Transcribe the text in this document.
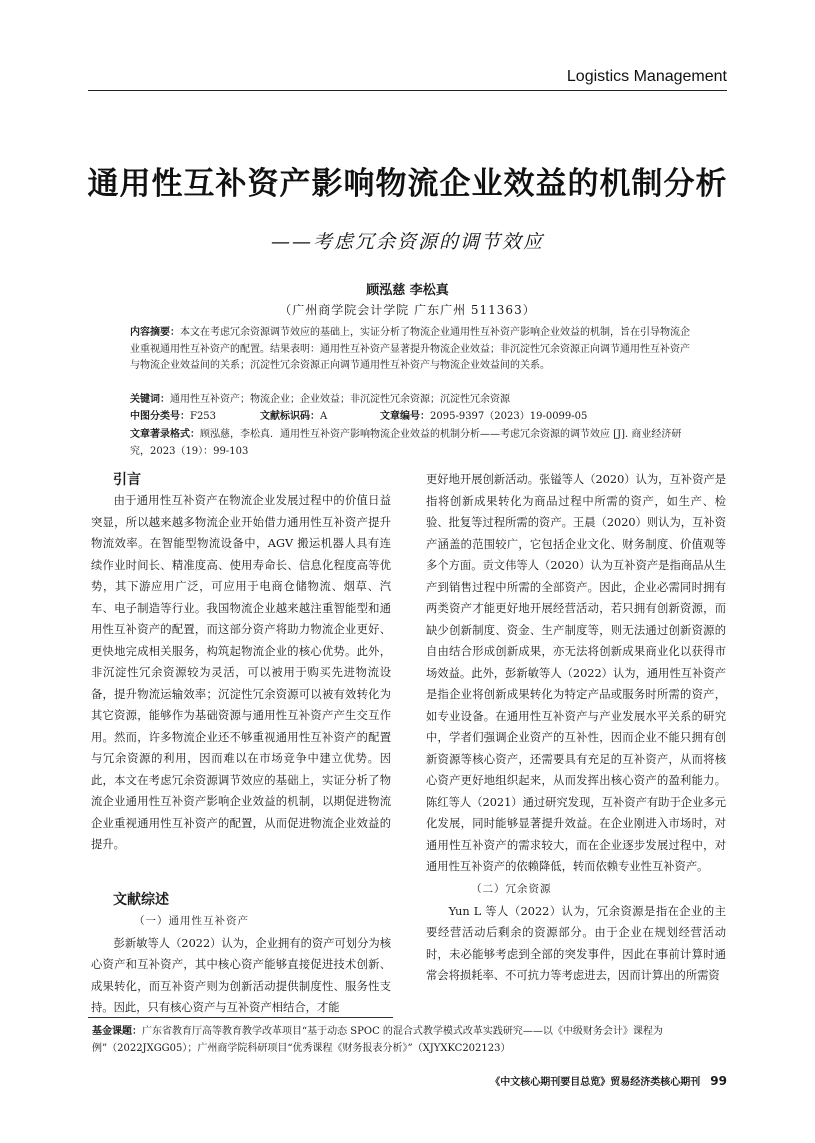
Logistics Management
通用性互补资产影响物流企业效益的机制分析
——考虑冗余资源的调节效应
顾泓慈 李松真
（广州商学院会计学院 广东广州 511363）
内容摘要：本文在考虑冗余资源调节效应的基础上，实证分析了物流企业通用性互补资产影响企业效益的机制，旨在引导物流企业重视通用性互补资产的配置。结果表明：通用性互补资产显著提升物流企业效益；非沉淀性冗余资源正向调节通用性互补资产与物流企业效益间的关系；沉淀性冗余资源正向调节通用性互补资产与物流企业效益间的关系。
关键词：通用性互补资产；物流企业；企业效益；非沉淀性冗余资源；沉淀性冗余资源
中图分类号：F253	文献标识码：A	文章编号：2095-9397（2023）19-0099-05
文章著录格式：顾泓慈，李松真．通用性互补资产影响物流企业效益的机制分析——考虑冗余资源的调节效应 [J]. 商业经济研究，2023（19）：99-103
引言

由于通用性互补资产在物流企业发展过程中的价值日益突显，所以越来越多物流企业开始借力通用性互补资产提升物流效率。在智能型物流设备中，AGV 搬运机器人具有连续作业时间长、精准度高、使用寿命长、信息化程度高等优势，其下游应用广泛，可应用于电商仓储物流、烟草、汽车、电子制造等行业。我国物流企业越来越注重智能型和通用性互补资产的配置，而这部分资产将助力物流企业更好、更快地完成相关服务，构筑起物流企业的核心优势。此外，非沉淀性冗余资源较为灵活，可以被用于购买先进物流设备，提升物流运输效率；沉淀性冗余资源可以被有效转化为其它资源，能够作为基础资源与通用性互补资产产生交互作用。然而，许多物流企业还不够重视通用性互补资产的配置与冗余资源的利用，因而难以在市场竞争中建立优势。因此，本文在考虑冗余资源调节效应的基础上，实证分析了物流企业通用性互补资产影响企业效益的机制，以期促进物流企业重视通用性互补资产的配置，从而促进物流企业效益的提升。

文献综述

（一）通用性互补资产

彭新敏等人（2022）认为，企业拥有的资产可划分为核心资产和互补资产，其中核心资产能够直接促进技术创新、成果转化，而互补资产则为创新活动提供制度性、服务性支持。因此，只有核心资产与互补资产相结合，才能

更好地开展创新活动。张镒等人（2020）认为，互补资产是指将创新成果转化为商品过程中所需的资产，如生产、检验、批复等过程所需的资产。王晨（2020）则认为，互补资产涵盖的范围较广，它包括企业文化、财务制度、价值观等多个方面。贡文伟等人（2020）认为互补资产是指商品从生产到销售过程中所需的全部资产。因此，企业必需同时拥有两类资产才能更好地开展经营活动，若只拥有创新资源，而缺少创新制度、资金、生产制度等，则无法通过创新资源的自由结合形成创新成果，亦无法将创新成果商业化以获得市场效益。此外，彭新敏等人（2022）认为，通用性互补资产是指企业将创新成果转化为特定产品或服务时所需的资产，如专业设备。在通用性互补资产与产业发展水平关系的研究中，学者们强调企业资产的互补性，因而企业不能只拥有创新资源等核心资产，还需要具有充足的互补资产，从而将核心资产更好地组织起来，从而发挥出核心资产的盈利能力。陈红等人（2021）通过研究发现，互补资产有助于企业多元化发展，同时能够显著提升效益。在企业刚进入市场时，对通用性互补资产的需求较大，而在企业逐步发展过程中，对通用性互补资产的依赖降低，转而依赖专业性互补资产。

（二）冗余资源

Yun L 等人（2022）认为，冗余资源是指在企业的主要经营活动后剩余的资源部分。由于企业在规划经营活动时，未必能够考虑到全部的突发事件，因此在事前计算时通常会将损耗率、不可抗力等考虑进去，因而计算出的所需资

基金课题：广东省教育厅高等教育教学改革项目“基于动态 SPOC 的混合式教学模式改革实践研究——以《中级财务会计》课程为例”（2022JXGG05）；广州商学院科研项目“优秀课程《财务报表分析》”（XJYXKC202123）
《中文核心期刊要目总览》贸易经济类核心期刊 99
